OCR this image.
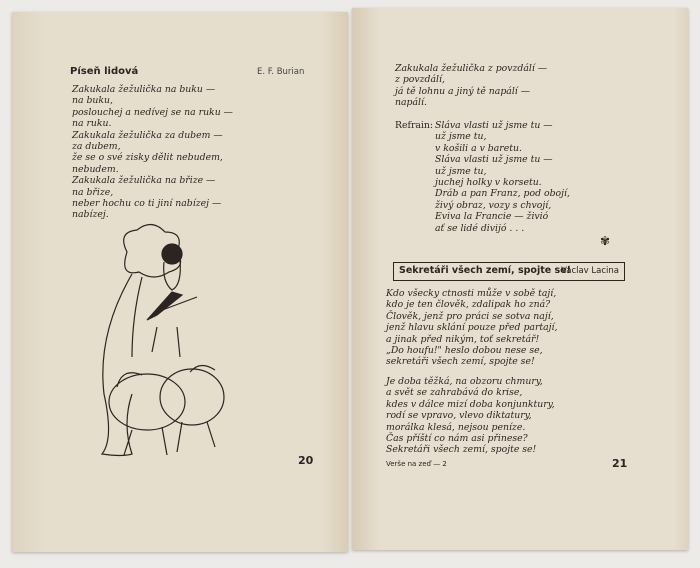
Píseň lidová	E. F. Burian
Zakukala žežulička na buku —
na buku,
poslouchej a nedívej se na ruku —
na ruku.
Zakukala žežulička za dubem —
za dubem,
že se o své zisky dělit nebudem,
nebudem.
Zakukala žežulička na břize —
na břize,
neber hochu co ti jiní nabízej —
nabízej.
20
Zakukala žežulička z povzdálí —
z povzdálí,
já tě lohnu a jiný tě napálí —
napálí.
Refrain: Sláva vlasti už jsme tu —
už jsme tu,
v košili a v baretu.
Sláva vlasti už jsme tu —
už jsme tu,
juchej holky v korsetu.
Dráb a pan Franz, pod obojí,
živý obraz, vozy s chvojí,
Eviva la Francie — živió
ať se lidé divijó . . .
✾
Sekretáři všech zemí, spojte se!
Václav Lacina
Kdo všecky ctnosti může v sobě tají,
kdo je ten člověk, zdalipak ho zná?
Člověk, jenž pro práci se sotva nají,
jenž hlavu sklání pouze před partají,
a jinak před nikým, toť sekretář!
„Do houfu!" heslo dobou nese se,
sekretáři všech zemí, spojte se!
Je doba těžká, na obzoru chmury,
a svět se zahrabává do krise,
kdes v dálce mizí doba konjunktury,
rodí se vpravo, vlevo diktatury,
morálka klesá, nejsou peníze.
Čas příští co nám asi přinese?
Sekretáři všech zemí, spojte se!
Verše na zeď — 2	21
